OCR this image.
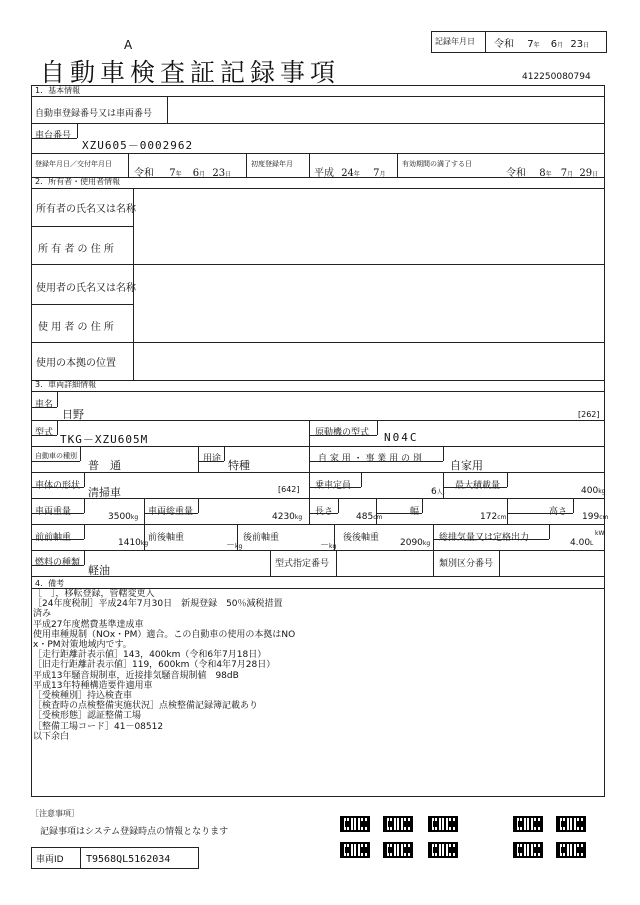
A
自動車検査証記録事項
記録年月日 令和 7年 6月 23日
412250080794
1．基本情報
自動車登録番号又は車両番号
車台番号
XZU605－0002962
登録年月日／交付年月日
令和 7年 6月 23日
初度登録年月
平成 24年 7月
有効期間の満了する日
令和 8年 7月 29日
2．所有者・使用者情報
所有者の氏名又は名称
所 有 者 の 住 所
使用者の氏名又は名称
使 用 者 の 住 所
使用の本拠の位置
3．車両詳細情報
車名
日野	[262]
型式 TKG－XZU605M	原動機の型式 N04C
自動車の種別
普　通	用途 特種	自 家 用 ・ 事 業 用 の 別	自家用
車体の形状 清掃車	[642] 乗車定員
6人
最大積載量	400kg
車両重量	3500kg
車両総重量	4230kg
長さ	485cm
幅	172cm
高さ 199cm
前前軸重	1410kg
前後軸重
－kg
後前軸重
－kg
後後軸重 2090kg
総排気量又は定格出力	kW
4.00L
燃料の種類
軽油	型式指定番号	類別区分番号
4．備考
［　］，移転登録，管轄変更入
［24年度税制］平成24年7月30日　新規登録　50％減税措置
済み
平成27年度燃費基準達成車
使用車種規制（NOx・PM）適合。この自動車の使用の本拠はNO
x・PM対策地域内です。
［走行距離計表示値］143，400km（令和6年7月18日）
［旧走行距離計表示値］119，600km（令和4年7月28日）
平成13年騒音規制車，近接排気騒音規制値　98dB
平成13年特種構造要件適用車
［受検種別］持込検査車
［検査時の点検整備実施状況］点検整備記録簿記載あり
［受検形態］認証整備工場
［整備工場コード］41－08512
以下余白
［注意事項］
記録事項はシステム登録時点の情報となります
車両ID T9568QL5162034
